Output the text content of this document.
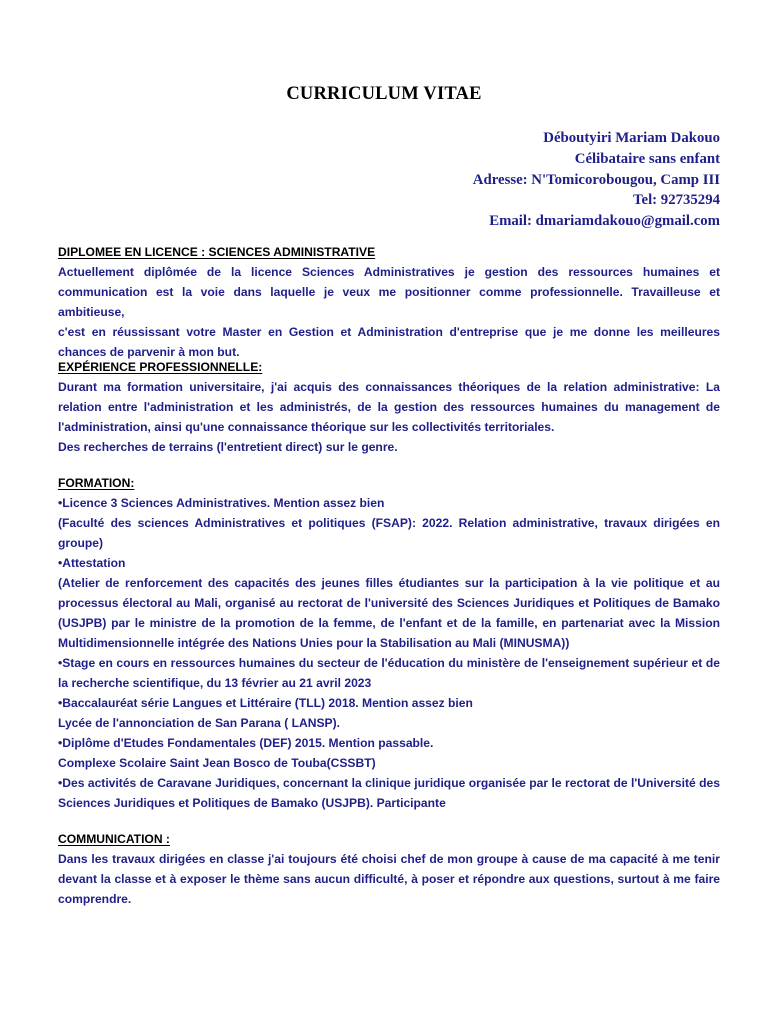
CURRICULUM VITAE
Déboutyiri Mariam Dakouo
Célibataire sans enfant
Adresse: N'Tomicorobougou, Camp III
Tel: 92735294
Email: dmariamdakouo@gmail.com
DIPLOMEE EN LICENCE : SCIENCES ADMINISTRATIVE
Actuellement diplômée de la licence Sciences Administratives je gestion des ressources humaines et
communication est la voie dans laquelle je veux me positionner comme professionnelle. Travailleuse et ambitieuse,
c'est en réussissant votre Master en Gestion et Administration d'entreprise que je me donne les meilleures
chances de parvenir à mon but.
EXPÉRIENCE PROFESSIONNELLE:
Durant ma formation universitaire, j'ai acquis des connaissances théoriques de la relation administrative: La
relation entre l'administration et les administrés, de la gestion des ressources humaines du management de
l'administration, ainsi qu'une connaissance théorique sur les collectivités territoriales.
Des recherches de terrains (l'entretient direct) sur le genre.
FORMATION:
•Licence 3 Sciences Administratives. Mention assez bien
(Faculté des sciences Administratives et politiques (FSAP): 2022. Relation administrative, travaux dirigées en
groupe)
•Attestation
(Atelier de renforcement des capacités des jeunes filles étudiantes sur la participation à la vie politique et au
processus électoral au Mali, organisé au rectorat de l'université des Sciences Juridiques et Politiques de Bamako
(USJPB) par le ministre de la promotion de la femme, de l'enfant et de la famille, en partenariat avec la Mission
Multidimensionnelle intégrée des Nations Unies pour la Stabilisation au Mali (MINUSMA))
•Stage en cours en ressources humaines du secteur de l'éducation du ministère de l'enseignement supérieur et de
la recherche scientifique, du 13 février au 21 avril 2023
•Baccalauréat série Langues et Littéraire (TLL) 2018. Mention assez bien
Lycée de l'annonciation de San Parana ( LANSP).
•Diplôme d'Etudes Fondamentales (DEF) 2015. Mention passable.
Complexe Scolaire Saint Jean Bosco de Touba(CSSBT)
•Des activités de Caravane Juridiques, concernant la clinique juridique organisée par le rectorat de l'Université des
Sciences Juridiques et Politiques de Bamako (USJPB). Participante
COMMUNICATION :
Dans les travaux dirigées en classe j'ai toujours été choisi chef de mon groupe à cause de ma capacité à me tenir
devant la classe et à exposer le thème sans aucun difficulté, à poser et répondre aux questions, surtout à me faire
comprendre.
